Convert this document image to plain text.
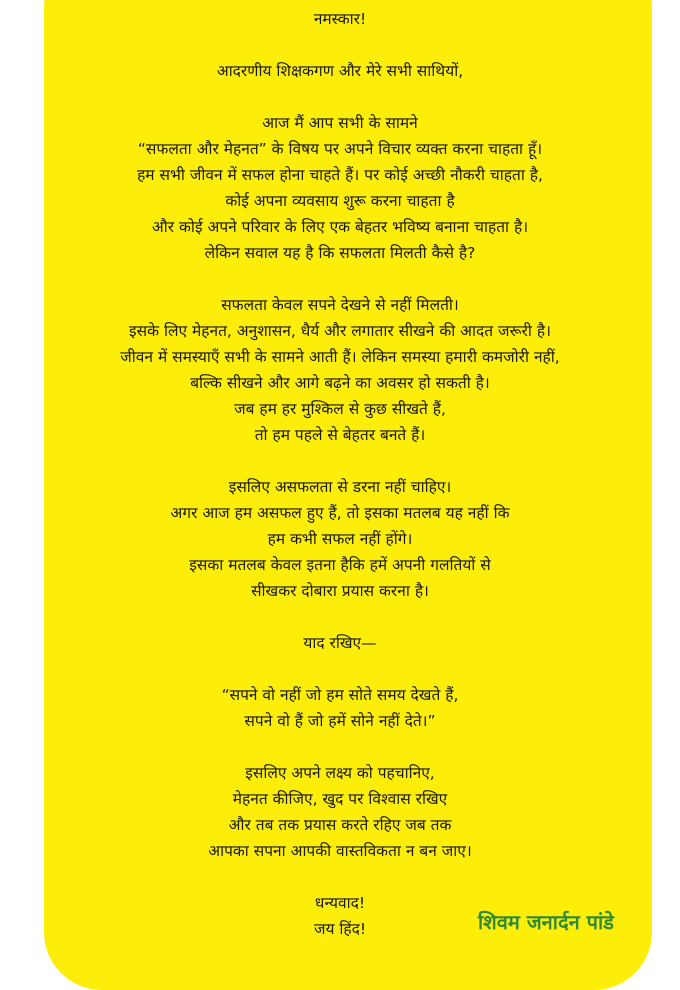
नमस्कार!
आदरणीय शिक्षकगण और मेरे सभी साथियों,
आज मैं आप सभी के सामने
“सफलता और मेहनत” के विषय पर अपने विचार व्यक्त करना चाहता हूँ।
हम सभी जीवन में सफल होना चाहते हैं। पर कोई अच्छी नौकरी चाहता है,
कोई अपना व्यवसाय शुरू करना चाहता है
और कोई अपने परिवार के लिए एक बेहतर भविष्य बनाना चाहता है।
लेकिन सवाल यह है कि सफलता मिलती कैसे है?
सफलता केवल सपने देखने से नहीं मिलती।
इसके लिए मेहनत, अनुशासन, धैर्य और लगातार सीखने की आदत जरूरी है।
जीवन में समस्याएँ सभी के सामने आती हैं। लेकिन समस्या हमारी कमजोरी नहीं,
बल्कि सीखने और आगे बढ़ने का अवसर हो सकती है।
जब हम हर मुश्किल से कुछ सीखते हैं,
तो हम पहले से बेहतर बनते हैं।
इसलिए असफलता से डरना नहीं चाहिए।
अगर आज हम असफल हुए हैं, तो इसका मतलब यह नहीं कि
हम कभी सफल नहीं होंगे।
इसका मतलब केवल इतना हैकि हमें अपनी गलतियों से
सीखकर दोबारा प्रयास करना है।
याद रखिए—
“सपने वो नहीं जो हम सोते समय देखते हैं,
सपने वो हैं जो हमें सोने नहीं देते।”
इसलिए अपने लक्ष्य को पहचानिए,
मेहनत कीजिए, खुद पर विश्वास रखिए
और तब तक प्रयास करते रहिए जब तक
आपका सपना आपकी वास्तविकता न बन जाए।
धन्यवाद!
जय हिंद!	शिवम जनार्दन पांडे
